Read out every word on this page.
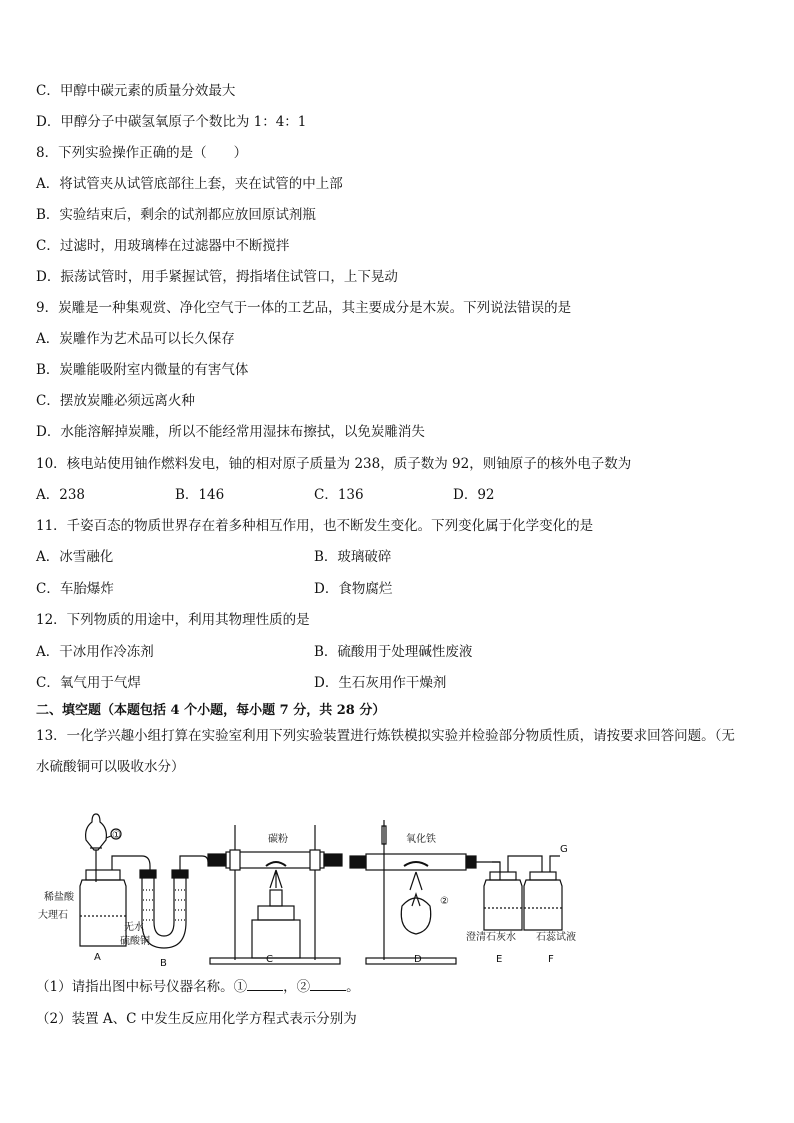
C．甲醇中碳元素的质量分效最大
D．甲醇分子中碳氢氧原子个数比为 1：4：1
8．下列实验操作正确的是（　　）
A．将试管夹从试管底部往上套，夹在试管的中上部
B．实验结束后，剩余的试剂都应放回原试剂瓶
C．过滤时，用玻璃棒在过滤器中不断搅拌
D．振荡试管时，用手紧握试管，拇指堵住试管口，上下晃动
9．炭雕是一种集观赏、净化空气于一体的工艺品，其主要成分是木炭。下列说法错误的是
A．炭雕作为艺术品可以长久保存
B．炭雕能吸附室内微量的有害气体
C．摆放炭雕必须远离火种
D．水能溶解掉炭雕，所以不能经常用湿抹布擦拭，以免炭雕消失
10．核电站使用铀作燃料发电，铀的相对原子质量为 238，质子数为 92，则铀原子的核外电子数为
A．238	B．146	C．136	D．92
11．千姿百态的物质世界存在着多种相互作用，也不断发生变化。下列变化属于化学变化的是
A．冰雪融化	B．玻璃破碎
C．车胎爆炸	D．食物腐烂
12．下列物质的用途中，利用其物理性质的是
A．干冰用作冷冻剂	B．硫酸用于处理碱性废液
C．氧气用于气焊	D．生石灰用作干燥剂
二、填空题（本题包括 4 个小题，每小题 7 分，共 28 分）
13．一化学兴趣小组打算在实验室利用下列实验装置进行炼铁模拟实验并检验部分物质性质，请按要求回答问题。（无
水硫酸铜可以吸收水分）
①
②
稀盐酸
大理石
无水
硫酸铜
碳粉	氧化铁
G
澄清石灰水 石蕊试液
A
B	C	D	E	F
（1）请指出图中标号仪器名称。①	，②	。
（2）装置 A、C 中发生反应用化学方程式表示分别为
